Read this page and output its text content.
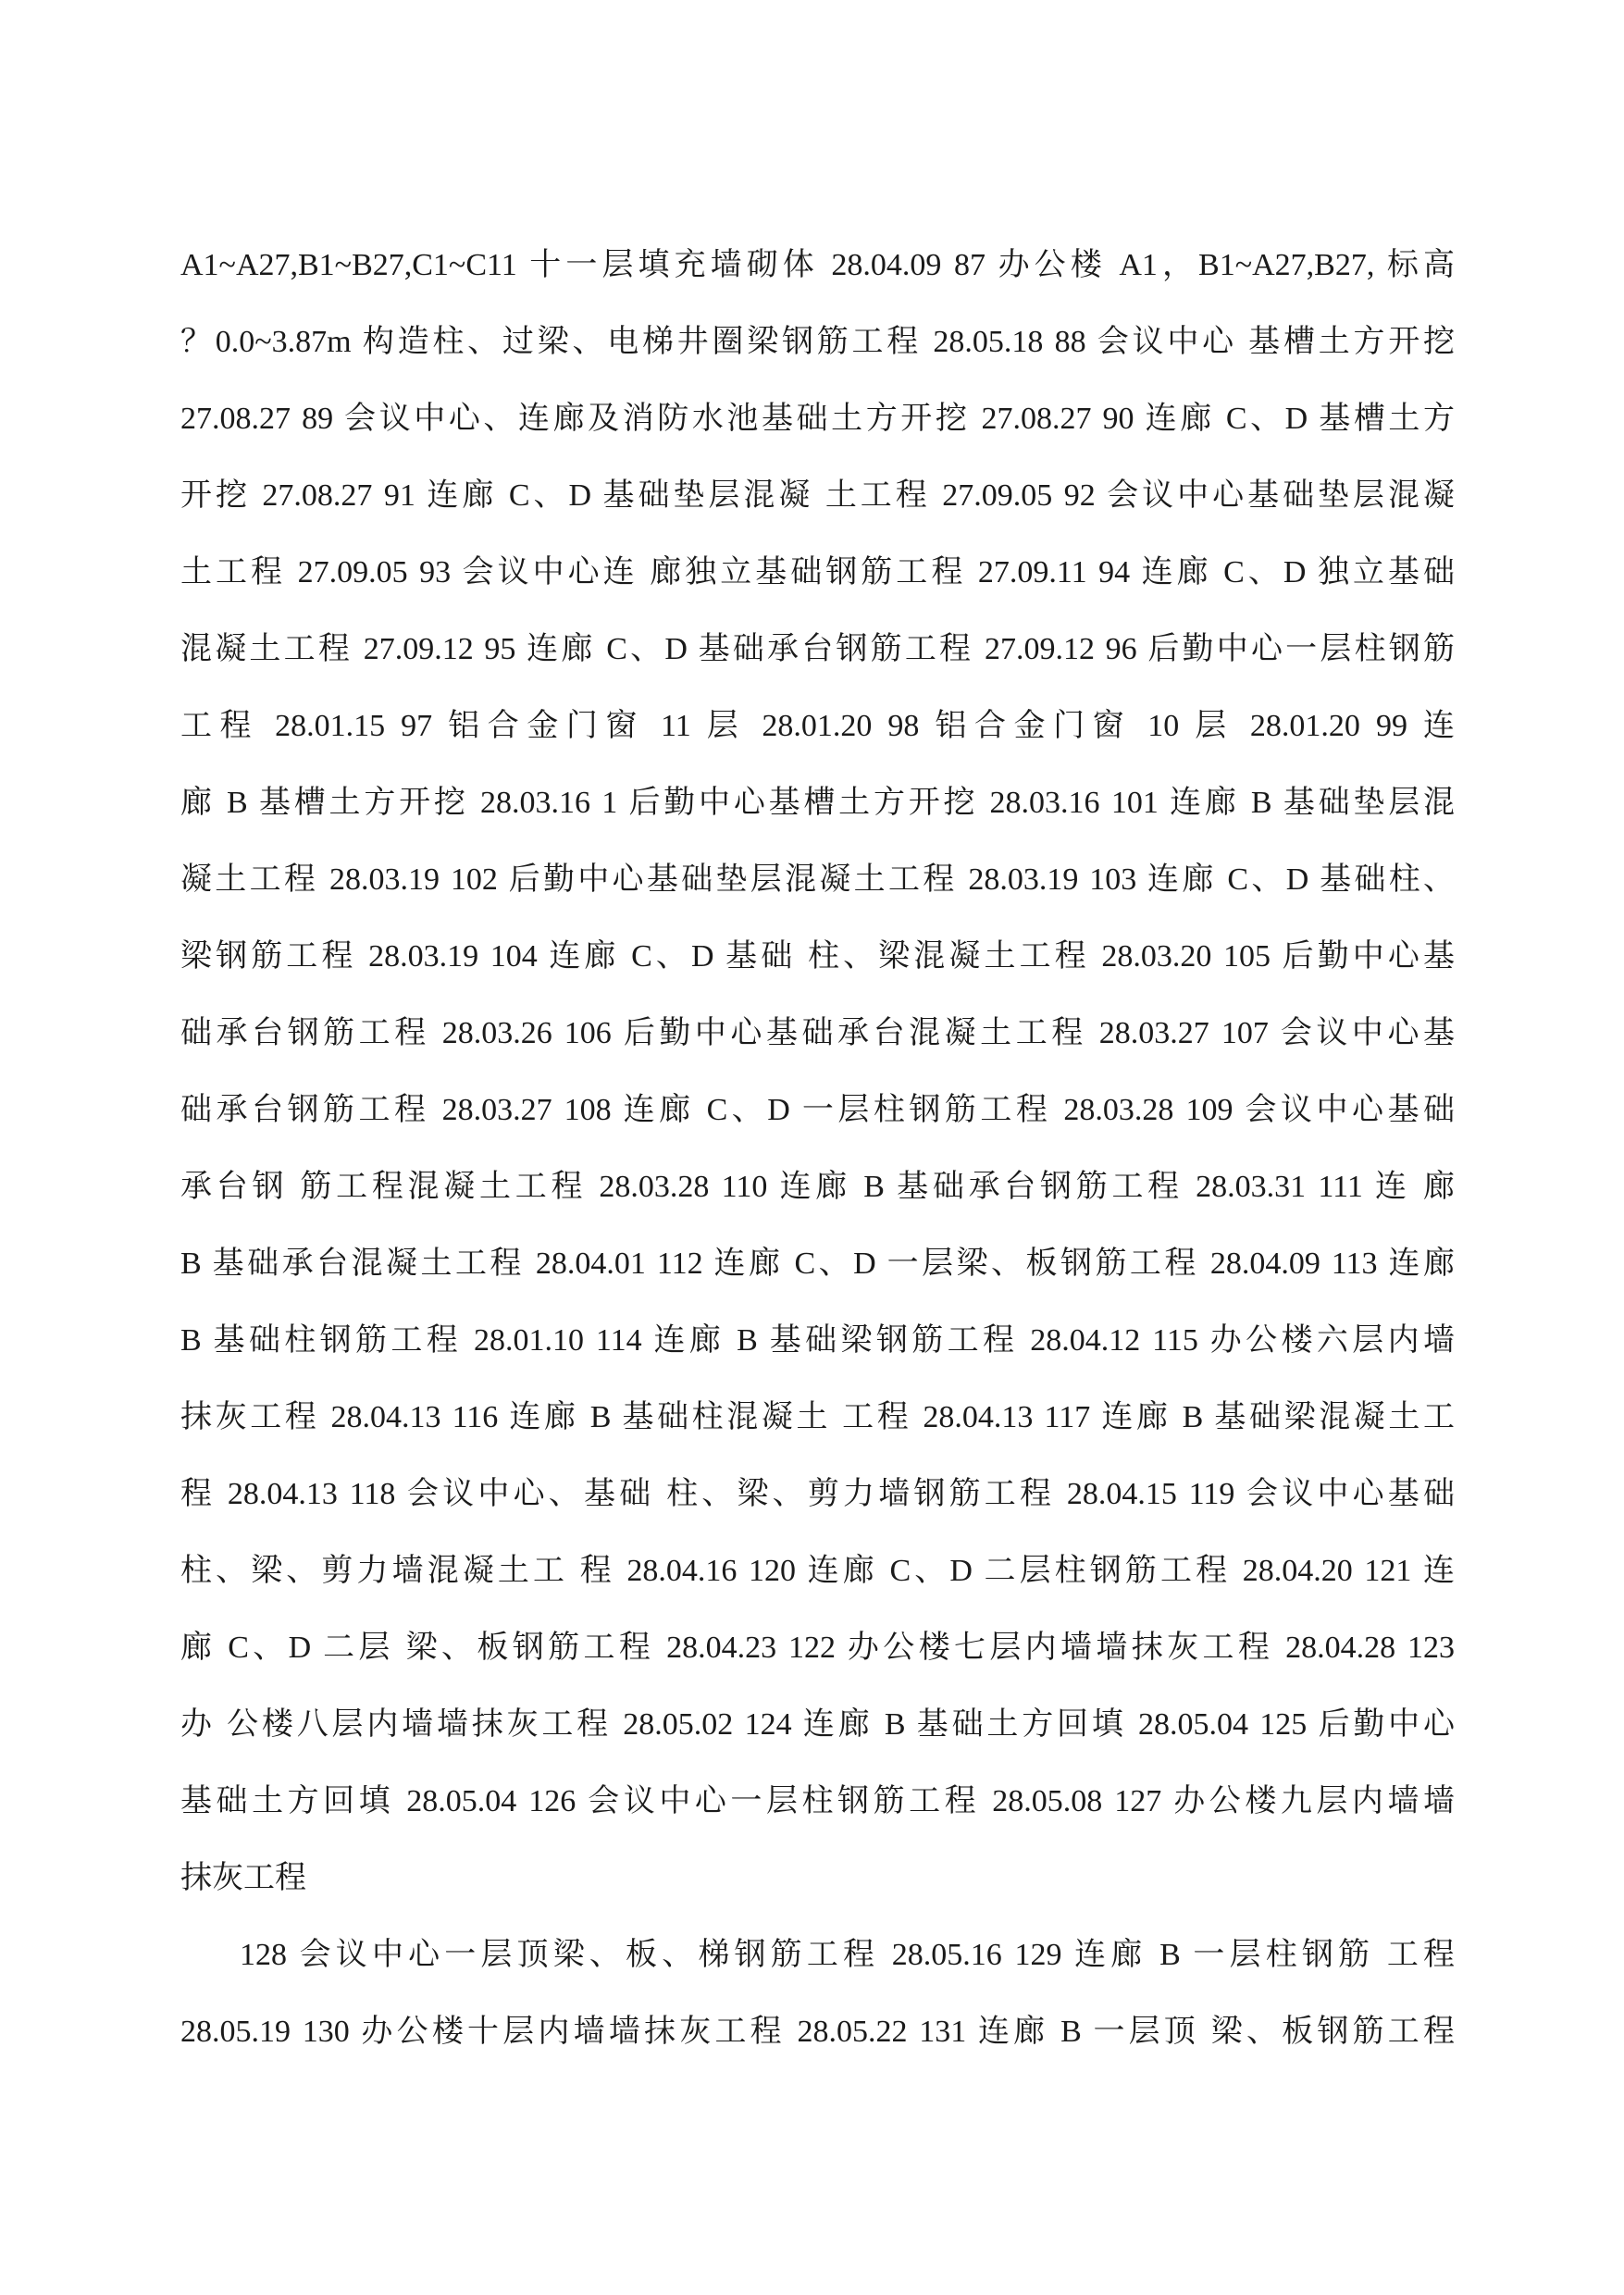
A1~A27,B1~B27,C1~C11 十一层填充墙砌体 28.04.09 87 办公楼 A1，B1~A27,B27, 标高
？0.0~3.87m 构造柱、过梁、电梯井圈梁钢筋工程 28.05.18 88 会议中心 基槽土方开挖
27.08.27 89 会议中心、连廊及消防水池基础土方开挖 27.08.27 90 连廊 C、D 基槽土方
开挖 27.08.27 91 连廊 C、D 基础垫层混凝 土工程 27.09.05 92 会议中心基础垫层混凝
土工程 27.09.05 93 会议中心连 廊独立基础钢筋工程 27.09.11 94 连廊 C、D 独立基础
混凝土工程 27.09.12 95 连廊 C、D 基础承台钢筋工程 27.09.12 96 后勤中心一层柱钢筋
工程 28.01.15 97 铝合金门窗 11 层 28.01.20 98 铝合金门窗 10 层 28.01.20 99 连
廊 B 基槽土方开挖 28.03.16 1 后勤中心基槽土方开挖 28.03.16 101 连廊 B 基础垫层混
凝土工程 28.03.19 102 后勤中心基础垫层混凝土工程 28.03.19 103 连廊 C、D 基础柱、
梁钢筋工程 28.03.19 104 连廊 C、D 基础 柱、梁混凝土工程 28.03.20 105 后勤中心基
础承台钢筋工程 28.03.26 106 后勤中心基础承台混凝土工程 28.03.27 107 会议中心基
础承台钢筋工程 28.03.27 108 连廊 C、D 一层柱钢筋工程 28.03.28 109 会议中心基础
承台钢 筋工程混凝土工程 28.03.28 110 连廊 B 基础承台钢筋工程 28.03.31 111 连 廊
B 基础承台混凝土工程 28.04.01 112 连廊 C、D 一层梁、板钢筋工程 28.04.09 113 连廊
B 基础柱钢筋工程 28.01.10 114 连廊 B 基础梁钢筋工程 28.04.12 115 办公楼六层内墙
抹灰工程 28.04.13 116 连廊 B 基础柱混凝土 工程 28.04.13 117 连廊 B 基础梁混凝土工
程 28.04.13 118 会议中心、基础 柱、梁、剪力墙钢筋工程 28.04.15 119 会议中心基础
柱、梁、剪力墙混凝土工 程 28.04.16 120 连廊 C、D 二层柱钢筋工程 28.04.20 121 连
廊 C、D 二层 梁、板钢筋工程 28.04.23 122 办公楼七层内墙墙抹灰工程 28.04.28 123
办 公楼八层内墙墙抹灰工程 28.05.02 124 连廊 B 基础土方回填 28.05.04 125 后勤中心
基础土方回填 28.05.04 126 会议中心一层柱钢筋工程 28.05.08 127 办公楼九层内墙墙
抹灰工程
128 会议中心一层顶梁、板、梯钢筋工程 28.05.16 129 连廊 B 一层柱钢筋 工程
28.05.19 130 办公楼十层内墙墙抹灰工程 28.05.22 131 连廊 B 一层顶 梁、板钢筋工程
